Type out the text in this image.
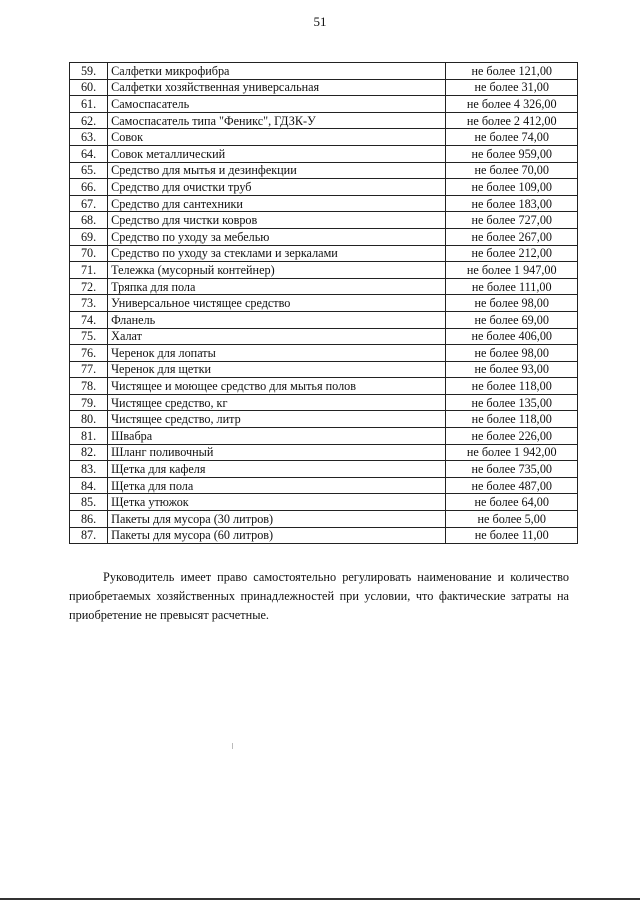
51
59.	Салфетки микрофибра	не более 121,00
60.	Салфетки хозяйственная универсальная	не более 31,00
61.	Самоспасатель	не более 4 326,00
62.	Самоспасатель типа "Феникс", ГДЗК-У	не более 2 412,00
63.	Совок	не более 74,00
64.	Совок металлический	не более 959,00
65.	Средство для мытья и дезинфекции	не более 70,00
66.	Средство для очистки труб	не более 109,00
67.	Средство для сантехники	не более 183,00
68.	Средство для чистки ковров	не более 727,00
69.	Средство по уходу за мебелью	не более 267,00
70.	Средство по уходу за стеклами и зеркалами	не более 212,00
71.	Тележка (мусорный контейнер)	не более 1 947,00
72.	Тряпка для пола	не более 111,00
73.	Универсальное чистящее средство	не более 98,00
74.	Фланель	не более 69,00
75.	Халат	не более 406,00
76.	Черенок для лопаты	не более 98,00
77.	Черенок для щетки	не более 93,00
78.	Чистящее и моющее средство для мытья полов	не более 118,00
79.	Чистящее средство, кг	не более 135,00
80.	Чистящее средство, литр	не более 118,00
81.	Швабра	не более 226,00
82.	Шланг поливочный	не более 1 942,00
83.	Щетка для кафеля	не более 735,00
84.	Щетка для пола	не более 487,00
85.	Щетка утюжок	не более 64,00
86.	Пакеты для мусора (30 литров)	не более 5,00
87.	Пакеты для мусора (60 литров)	не более 11,00

Руководитель имеет право самостоятельно регулировать наименование и количество приобретаемых хозяйственных принадлежностей при условии, что фактические затраты на приобретение не превысят расчетные.
